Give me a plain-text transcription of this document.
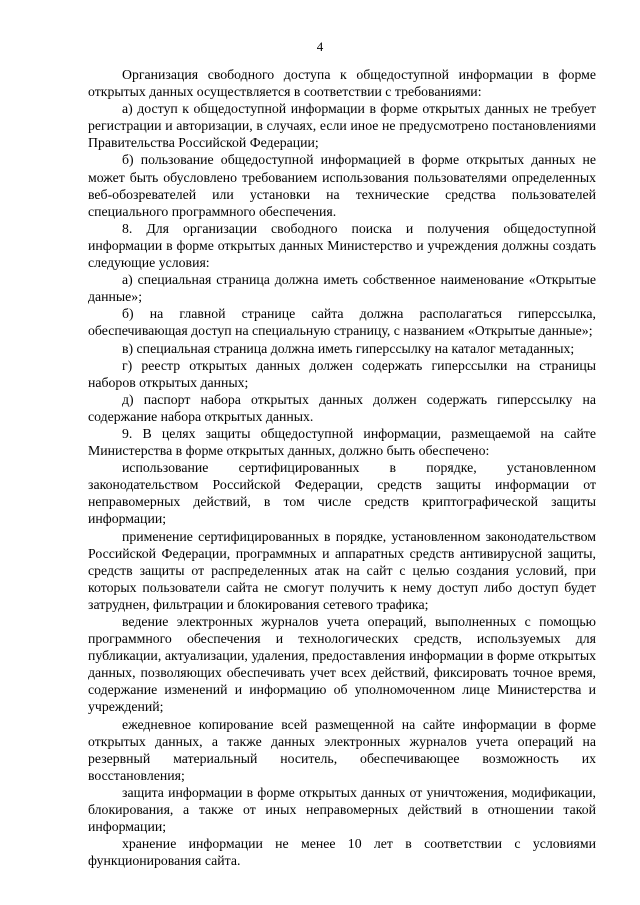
4

Организация свободного доступа к общедоступной информации в форме открытых данных осуществляется в соответствии с требованиями:

а) доступ к общедоступной информации в форме открытых данных не требует регистрации и авторизации, в случаях, если иное не предусмотрено постановлениями Правительства Российской Федерации;

б) пользование общедоступной информацией в форме открытых данных не может быть обусловлено требованием использования пользователями определенных веб-обозревателей или установки на технические средства пользователей специального программного обеспечения.

8. Для организации свободного поиска и получения общедоступной информации в форме открытых данных Министерство и учреждения должны создать следующие условия:

а) специальная страница должна иметь собственное наименование «Открытые данные»;

б) на главной странице сайта должна располагаться гиперссылка, обеспечивающая доступ на специальную страницу, с названием «Открытые данные»;

в) специальная страница должна иметь гиперссылку на каталог метаданных;

г) реестр открытых данных должен содержать гиперссылки на страницы наборов открытых данных;

д) паспорт набора открытых данных должен содержать гиперссылку на содержание набора открытых данных.

9. В целях защиты общедоступной информации, размещаемой на сайте Министерства в форме открытых данных, должно быть обеспечено:

использование сертифицированных в порядке, установленном законодательством Российской Федерации, средств защиты информации от неправомерных действий, в том числе средств криптографической защиты информации;

применение сертифицированных в порядке, установленном законодательством Российской Федерации, программных и аппаратных средств антивирусной защиты, средств защиты от распределенных атак на сайт с целью создания условий, при которых пользователи сайта не смогут получить к нему доступ либо доступ будет затруднен, фильтрации и блокирования сетевого трафика;

ведение электронных журналов учета операций, выполненных с помощью программного обеспечения и технологических средств, используемых для публикации, актуализации, удаления, предоставления информации в форме открытых данных, позволяющих обеспечивать учет всех действий, фиксировать точное время, содержание изменений и информацию об уполномоченном лице Министерства и учреждений;

ежедневное копирование всей размещенной на сайте информации в форме открытых данных, а также данных электронных журналов учета операций на резервный материальный носитель, обеспечивающее возможность их восстановления;

защита информации в форме открытых данных от уничтожения, модификации, блокирования, а также от иных неправомерных действий в отношении такой информации;

хранение информации не менее 10 лет в соответствии с условиями функционирования сайта.
